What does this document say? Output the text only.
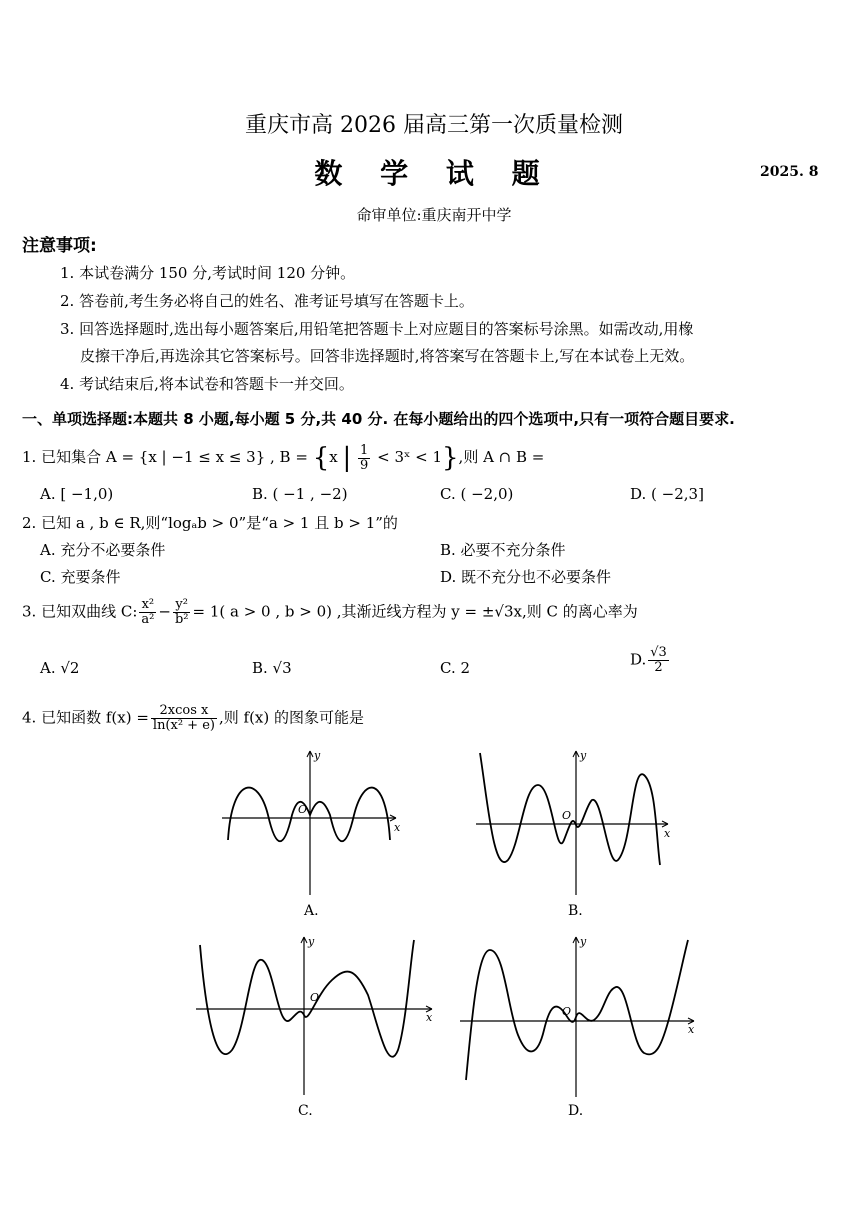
重庆市高 2026 届高三第一次质量检测
数 学 试 题	2025. 8
命审单位:重庆南开中学
注意事项:
1. 本试卷满分 150 分,考试时间 120 分钟。
2. 答卷前,考生务必将自己的姓名、准考证号填写在答题卡上。
3. 回答选择题时,选出每小题答案后,用铅笔把答题卡上对应题目的答案标号涂黑。如需改动,用橡
皮擦干净后,再选涂其它答案标号。回答非选择题时,将答案写在答题卡上,写在本试卷上无效。
4. 考试结束后,将本试卷和答题卡一并交回。
一、单项选择题:本题共 8 小题,每小题 5 分,共 40 分. 在每小题给出的四个选项中,只有一项符合题目要求.
1. 已知集合 A = {x | −1 ≤ x ≤ 3} , B = {x | $\frac{1}{9}$ < 3ˣ < 1},则 A ∩ B =
A. [ −1,0)	B. ( −1 , −2)	C. ( −2,0)	D. ( −2,3]
2. 已知 a , b ∈ R,则“logₐb > 0”是“a > 1 且 b > 1”的
A. 充分不必要条件	B. 必要不充分条件
C. 充要条件	D. 既不充分也不必要条件
3. 已知双曲线 C: $\frac{\text{x²}}{\text{a²}} - \frac{\text{y²}}{\text{b²}} = 1$( a > 0 , b > 0) ,其渐近线方程为 y = ±√3x,则 C 的离心率为
A. √2	B. √3	C. 2	D. $\frac{√3}{2}$
4. 已知函数 $f(x) = \frac{\text{2xcos x}}{\text{ln(x² + e)}}$ ,则 f(x) 的图象可能是
x
y
O
A.
x
y
O
B.
x
y
O
C.
x
y
O
D.
